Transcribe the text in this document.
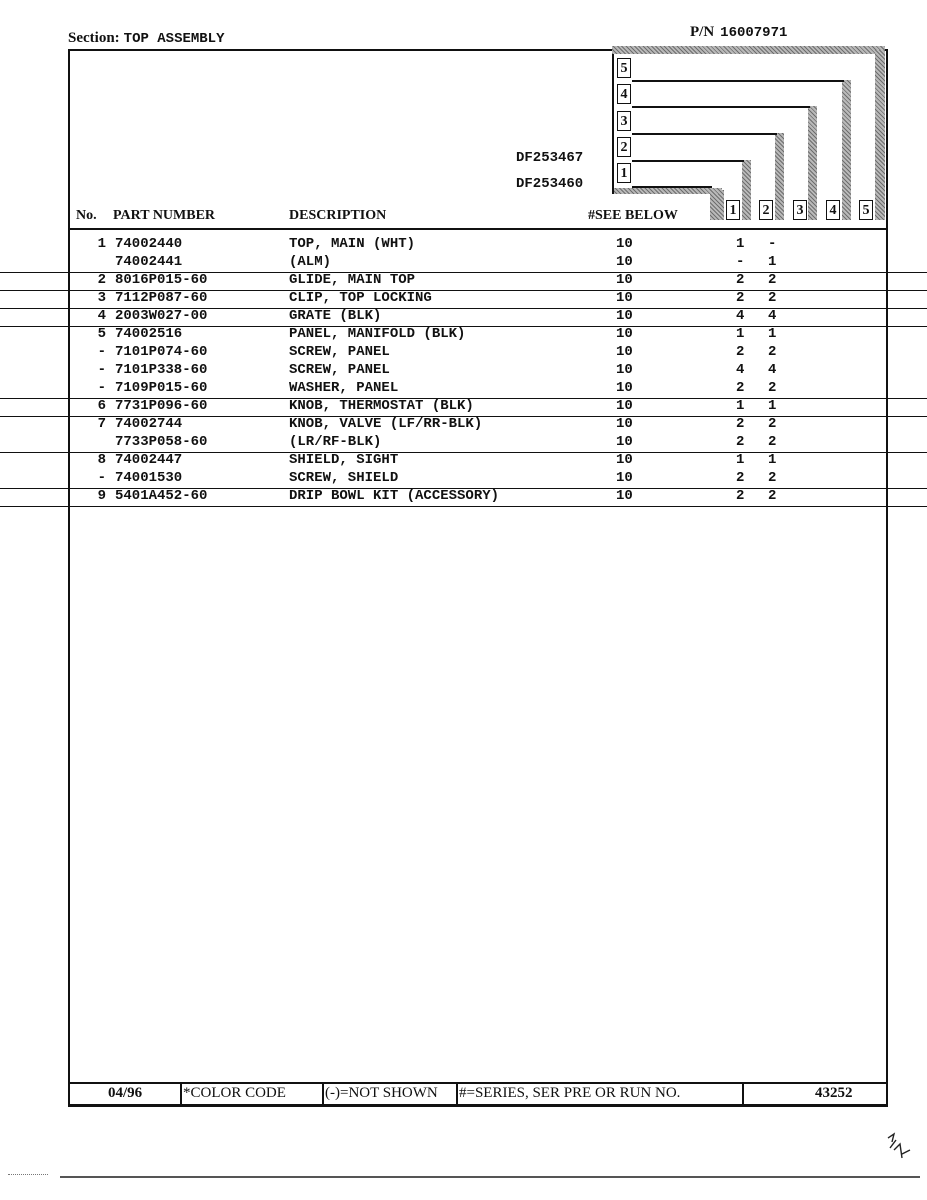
Section: TOP ASSEMBLY	P/N 16007971
5
4
3
2
1
1 2 3 4 5
DF253467
DF253460
No. PART NUMBER	DESCRIPTION	#SEE BELOW
1 74002440	TOP, MAIN (WHT)	10	1 -
74002441	(ALM)	10	- 1
2 8016P015-60	GLIDE, MAIN TOP	10	2 2
3 7112P087-60	CLIP, TOP LOCKING	10	2 2
4 2003W027-00	GRATE (BLK)	10	4 4
5 74002516	PANEL, MANIFOLD (BLK)	10	1 1
- 7101P074-60	SCREW, PANEL	10	2 2
- 7101P338-60	SCREW, PANEL	10	4 4
- 7109P015-60	WASHER, PANEL	10	2 2
6 7731P096-60	KNOB, THERMOSTAT (BLK)	10	1 1
7 74002744	KNOB, VALVE (LF/RR-BLK)	10	2 2
7733P058-60	(LR/RF-BLK)	10	2 2
8 74002447	SHIELD, SIGHT	10	1 1
- 74001530	SCREW, SHIELD	10	2 2
9 5401A452-60	DRIP BOWL KIT (ACCESSORY)	10	2 2
04/96	*COLOR CODE	(-)=NOT SHOWN #=SERIES, SER PRE OR RUN NO.	43252
